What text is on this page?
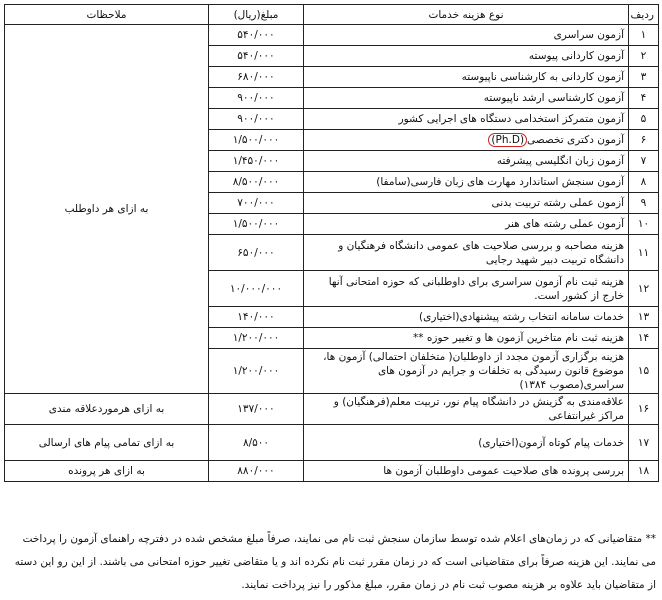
ردیف	نوع هزینه خدمات	مبلغ(ریال)	ملاحظات
۱	آزمون سراسری	۵۴۰/۰۰۰	به ازای هر داوطلب
۲	آزمون کاردانی پیوسته	۵۴۰/۰۰۰	
۳	آزمون کاردانی به کارشناسی ناپیوسته	۶۸۰/۰۰۰	
۴	آزمون کارشناسی ارشد ناپیوسته	۹۰۰/۰۰۰	
۵	آزمون متمرکز استخدامی دستگاه های اجرایی کشور	۹۰۰/۰۰۰	
۶	آزمون دکتری تخصصی(Ph.D)	۱/۵۰۰/۰۰۰	
۷	آزمون زبان انگلیسی پیشرفته	۱/۴۵۰/۰۰۰	
۸	آزمون سنجش استاندارد مهارت های زبان فارسی(سامفا)	۸/۵۰۰/۰۰۰	
۹	آزمون عملی رشته تربیت بدنی	۷۰۰/۰۰۰	
۱۰	آزمون عملی رشته های هنر	۱/۵۰۰/۰۰۰	
۱۱	هزینه مصاحبه و بررسی صلاحیت های عمومی دانشگاه فرهنگیان و دانشگاه تربیت دبیر شهید رجایی	۶۵۰/۰۰۰	
۱۲	هزینه ثبت نام آزمون سراسری برای داوطلبانی که حوزه امتحانی آنها خارج از کشور است.	۱۰/۰۰۰/۰۰۰	
۱۳	خدمات سامانه انتخاب رشته پیشنهادی(اختیاری)	۱۴۰/۰۰۰	
۱۴	هزینه ثبت نام متاخرین آزمون ها و تغییر حوزه **	۱/۲۰۰/۰۰۰	
۱۵	هزینه برگزاری آزمون مجدد از داوطلبان( متخلفان احتمالی) آزمون ها، موضوع قانون رسیدگی به تخلفات و جرایم در آزمون های سراسری(مصوب ۱۳۸۴)	۱/۲۰۰/۰۰۰	
۱۶	علاقه‌مندی به گزینش در دانشگاه پیام نور، تربیت معلم(فرهنگیان) و مراکز غیرانتفاعی	۱۳۷/۰۰۰	به ازای هرموردعلاقه مندی
۱۷	خدمات پیام کوتاه آزمون(اختیاری)	۸/۵۰۰	به ازای تمامی پیام های ارسالی
۱۸	بررسی پرونده های صلاحیت عمومی داوطلبان آزمون ها	۸۸۰/۰۰۰	به ازای هر پرونده
** متقاضیانی که در زمان‌های اعلام شده توسط سازمان سنجش ثبت نام می نمایند، صرفاً مبلغ مشخص شده در دفترچه راهنمای آزمون را پرداخت می نمایند. این هزینه صرفاً برای متقاضیانی است که در زمان مقرر ثبت نام نکرده اند و یا متقاضی تغییر حوزه امتحانی می باشند. از این رو این دسته از متقاضیان باید علاوه بر هزینه مصوب ثبت نام در زمان مقرر، مبلغ مذکور را نیز پرداخت نمایند.
